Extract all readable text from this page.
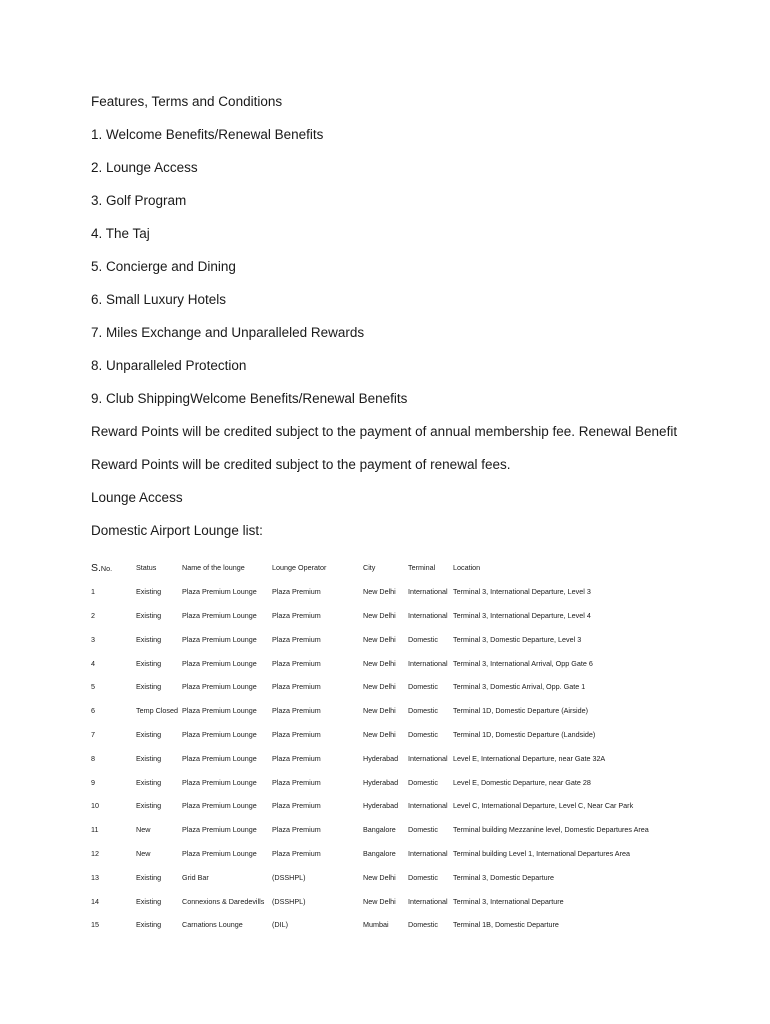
Features, Terms and Conditions
1. Welcome Benefits/Renewal Benefits
2. Lounge Access
3. Golf Program
4. The Taj
5. Concierge and Dining
6. Small Luxury Hotels
7. Miles Exchange and Unparalleled Rewards
8. Unparalleled Protection
9. Club ShippingWelcome Benefits/Renewal Benefits
Reward Points will be credited subject to the payment of annual membership fee. Renewal Benefit
Reward Points will be credited subject to the payment of renewal fees.
Lounge Access
Domestic Airport Lounge list:
S.No.	Status	Name of the lounge	Lounge Operator	City	Terminal	Location
1	Existing	Plaza Premium Lounge	Plaza Premium	New Delhi	International	Terminal 3, International Departure, Level 3
2	Existing	Plaza Premium Lounge	Plaza Premium	New Delhi	International	Terminal 3, International Departure, Level 4
3	Existing	Plaza Premium Lounge	Plaza Premium	New Delhi	Domestic	Terminal 3, Domestic Departure, Level 3
4	Existing	Plaza Premium Lounge	Plaza Premium	New Delhi	International	Terminal 3, International Arrival, Opp Gate 6
5	Existing	Plaza Premium Lounge	Plaza Premium	New Delhi	Domestic	Terminal 3, Domestic Arrival, Opp. Gate 1
6	Temp Closed	Plaza Premium Lounge	Plaza Premium	New Delhi	Domestic	Terminal 1D, Domestic Departure (Airside)
7	Existing	Plaza Premium Lounge	Plaza Premium	New Delhi	Domestic	Terminal 1D, Domestic Departure (Landside)
8	Existing	Plaza Premium Lounge	Plaza Premium	Hyderabad	International	Level E, International Departure, near Gate 32A
9	Existing	Plaza Premium Lounge	Plaza Premium	Hyderabad	Domestic	Level E, Domestic Departure, near Gate 28
10	Existing	Plaza Premium Lounge	Plaza Premium	Hyderabad	International	Level C, International Departure, Level C, Near Car Park
11	New	Plaza Premium Lounge	Plaza Premium	Bangalore	Domestic	Terminal building Mezzanine level, Domestic Departures Area
12	New	Plaza Premium Lounge	Plaza Premium	Bangalore	International	Terminal building Level 1, International Departures Area
13	Existing	Grid Bar	(DSSHPL)	New Delhi	Domestic	Terminal 3, Domestic Departure
14	Existing	Connexions & Daredevills	(DSSHPL)	New Delhi	International	Terminal 3, International Departure
15	Existing	Carnations Lounge	(DIL)	Mumbai	Domestic	Terminal 1B, Domestic Departure
